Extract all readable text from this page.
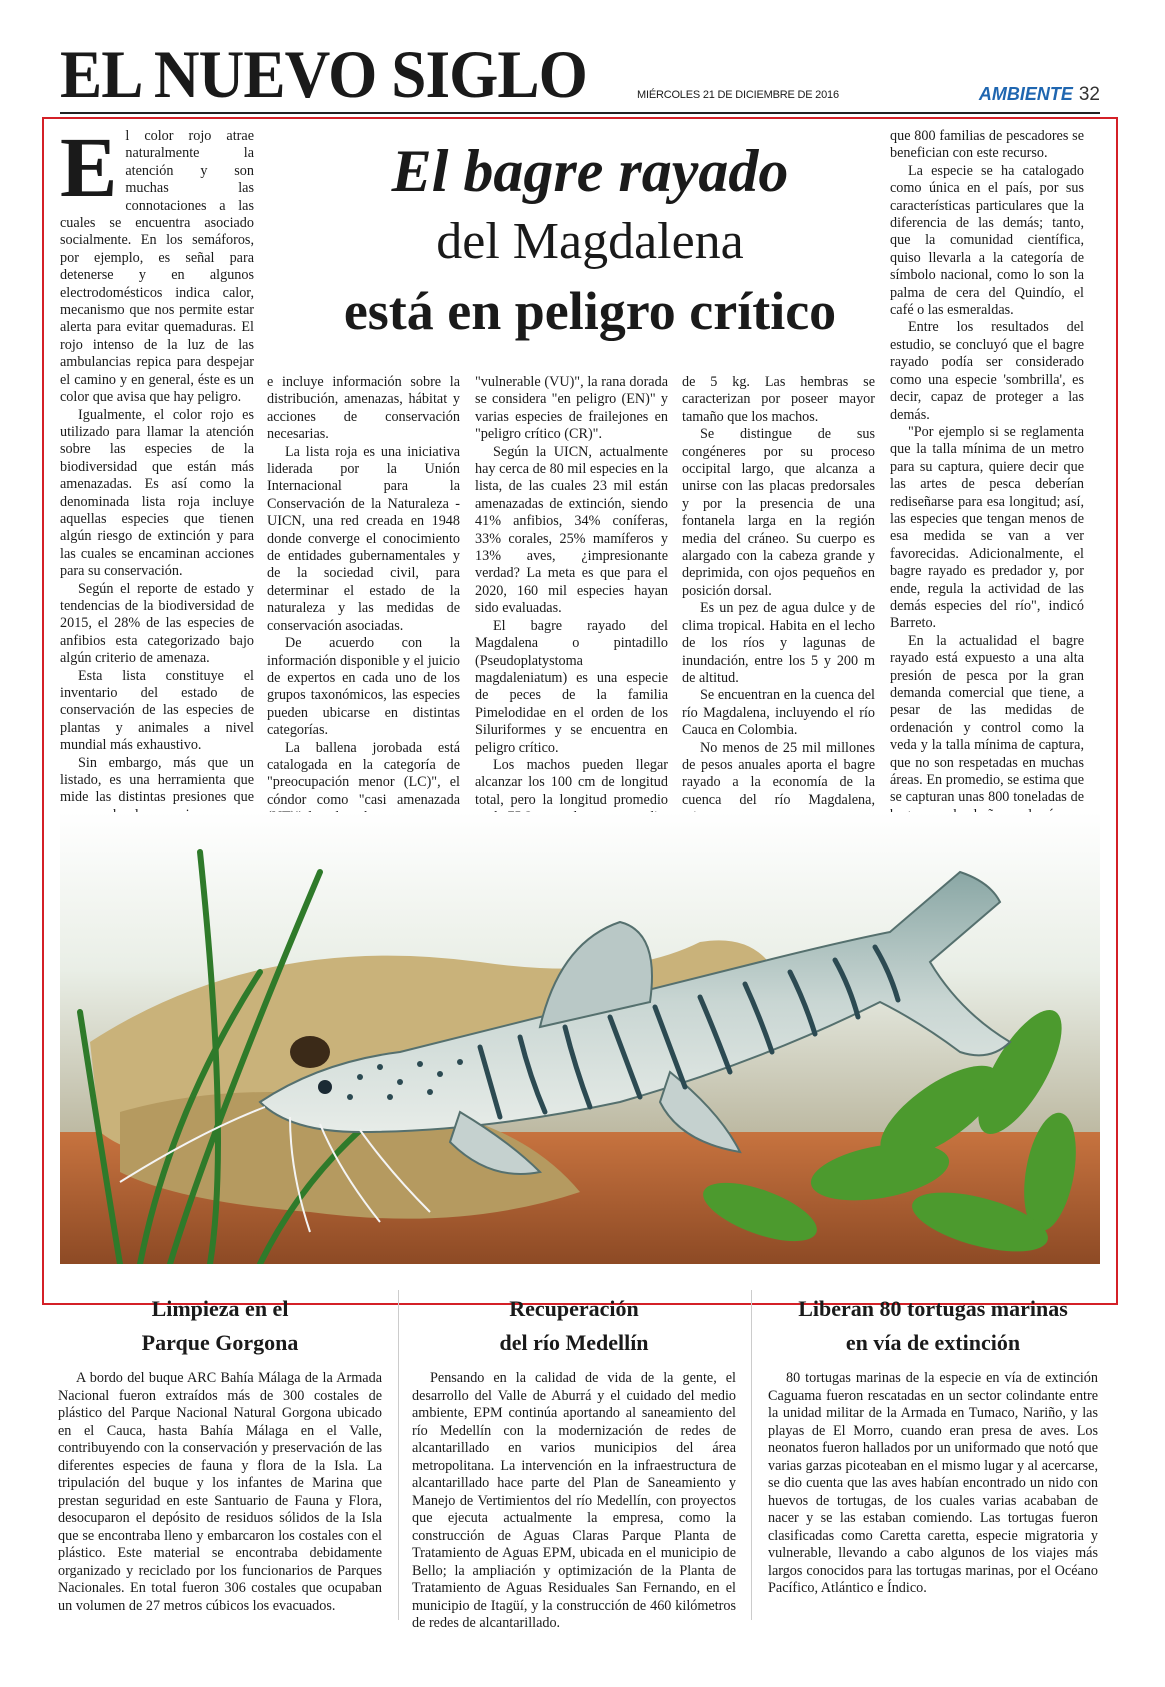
EL NUEVO SIGLO	MIÉRCOLES 21 DE DICIEMBRE DE 2016	AMBIENTE 32
E l color rojo atrae naturalmente la atención y son muchas las connotaciones a las cuales se encuentra asociado socialmente. En los semáforos, por ejemplo, es señal para detenerse y en algunos electrodomésticos indica calor, mecanismo que nos permite estar alerta para evitar quemaduras. El rojo intenso de la luz de las ambulancias repica para despejar el camino y en general, éste es un color que avisa que hay peligro.

Igualmente, el color rojo es utilizado para llamar la atención sobre las especies de la biodiversidad que están más amenazadas. Es así como la denominada lista roja incluye aquellas especies que tienen algún riesgo de extinción y para las cuales se encaminan acciones para su conservación.

Según el reporte de estado y tendencias de la biodiversidad de 2015, el 28% de las especies de anfibios esta categorizado bajo algún criterio de amenaza.

Esta lista constituye el inventario del estado de conservación de las especies de plantas y animales a nivel mundial más exhaustivo.

Sin embargo, más que un listado, es una herramienta que mide las distintas presiones que

El bagre rayado
del Magdalena
está en peligro crítico

e incluye información sobre la distribución, amenazas, hábitat y acciones de conservación necesarias.

La lista roja es una iniciativa liderada por la Unión Internacional para la Conservación de la Naturaleza -UICN, una red creada en 1948 donde converge el conocimiento de entidades gubernamentales y de la sociedad civil, para determinar el estado de la naturaleza y las medidas de conservación asociadas.

De acuerdo con la información disponible y el juicio de expertos en cada uno de los grupos taxonómicos, las especies pueden ubicarse en distintas categorías.

La ballena jorobada está catalogada en la categoría de "preocupación menor (LC)", el cóndor como "casi amenazada

"vulnerable (VU)", la rana dorada se considera "en peligro (EN)" y varias especies de frailejones en "peligro crítico (CR)".

Según la UICN, actualmente hay cerca de 80 mil especies en la lista, de las cuales 23 mil están amenazadas de extinción, siendo 41% anfibios, 34% coníferas, 33% corales, 25% mamíferos y 13% aves, ¿impresionante verdad? La meta es que para el 2020, 160 mil especies hayan sido evaluadas.

El bagre rayado del Magdalena o pintadillo (Pseudoplatystoma magdaleniatum) es una especie de peces de la familia Pimelodidae en el orden de los Siluriformes y se encuentra en peligro crítico.

Los machos pueden llegar alcanzar los 100 cm de longitud total, pero la longitud promedio

de 5 kg. Las hembras se caracterizan por poseer mayor tamaño que los machos.

Se distingue de sus congéneres por su proceso occipital largo, que alcanza a unirse con las placas predorsales y por la presencia de una fontanela larga en la región media del cráneo. Su cuerpo es alargado con la cabeza grande y deprimida, con ojos pequeños en posición dorsal.

Es un pez de agua dulce y de clima tropical. Habita en el lecho de los ríos y lagunas de inundación, entre los 5 y 200 m de altitud.

Se encuentran en la cuenca del río Magdalena, incluyendo el río Cauca en Colombia.

No menos de 25 mil millones de pesos anuales aporta el bagre rayado a la economía de la cuenca del río Magdalena,

que 800 familias de pescadores se benefician con este recurso.

La especie se ha catalogado como única en el país, por sus características particulares que la diferencia de las demás; tanto, que la comunidad científica, quiso llevarla a la categoría de símbolo nacional, como lo son la palma de cera del Quindío, el café o las esmeraldas.

Entre los resultados del estudio, se concluyó que el bagre rayado podía ser considerado como una especie 'sombrilla', es decir, capaz de proteger a las demás.

"Por ejemplo si se reglamenta que la talla mínima de un metro para su captura, quiere decir que las artes de pesca deberían rediseñarse para esa longitud; así, las especies que tengan menos de esa medida se van a ver favorecidas. Adicionalmente, el bagre rayado es predador y, por ende, regula la actividad de las demás especies del río", indicó Barreto.

En la actualidad el bagre rayado está expuesto a una alta presión de pesca por la gran demanda comercial que tiene, a pesar de las medidas de ordenación y control como la veda y la talla mínima de captura, que no son respetadas en muchas áreas. En promedio, se estima que se capturan unas 800 toneladas de

Limpieza en el
Parque Gorgona

A bordo del buque ARC Bahía Málaga de la Armada Nacional fueron extraídos más de 300 costales de plástico del Parque Nacional Natural Gorgona ubicado en el Cauca, hasta Bahía Málaga en el Valle, contribuyendo con la conservación y preservación de las diferentes especies de fauna y flora de la Isla. La tripulación del buque y los infantes de Marina que prestan seguridad en este Santuario de Fauna y Flora, desocuparon el depósito de residuos sólidos de la Isla que se encontraba lleno y embarcaron los costales con el plástico. Este material se encontraba debidamente organizado y reciclado por los funcionarios de Parques Nacionales. En total fueron 306 costales que ocupaban un volumen de 27 metros cúbicos los evacuados.

Recuperación
del río Medellín

Pensando en la calidad de vida de la gente, el desarrollo del Valle de Aburrá y el cuidado del medio ambiente, EPM continúa aportando al saneamiento del río Medellín con la modernización de redes de alcantarillado en varios municipios del área metropolitana. La intervención en la infraestructura de alcantarillado hace parte del Plan de Saneamiento y Manejo de Vertimientos del río Medellín, con proyectos que ejecuta actualmente la empresa, como la construcción de Aguas Claras Parque Planta de Tratamiento de Aguas EPM, ubicada en el municipio de Bello; la ampliación y optimización de la Planta de Tratamiento de Aguas Residuales San Fernando, en el municipio de Itagüí, y la construcción de 460 kilómetros de redes de alcantarillado.

Liberan 80 tortugas marinas
en vía de extinción

80 tortugas marinas de la especie en vía de extinción Caguama fueron rescatadas en un sector colindante entre la unidad militar de la Armada en Tumaco, Nariño, y las playas de El Morro, cuando eran presa de aves. Los neonatos fueron hallados por un uniformado que notó que varias garzas picoteaban en el mismo lugar y al acercarse, se dio cuenta que las aves habían encontrado un nido con huevos de tortugas, de los cuales varias acababan de nacer y se las estaban comiendo. Las tortugas fueron clasificadas como Caretta caretta, especie migratoria y vulnerable, llevando a cabo algunos de los viajes más largos conocidos para las tortugas marinas, por el Océano Pacífico, Atlántico e Índico.
